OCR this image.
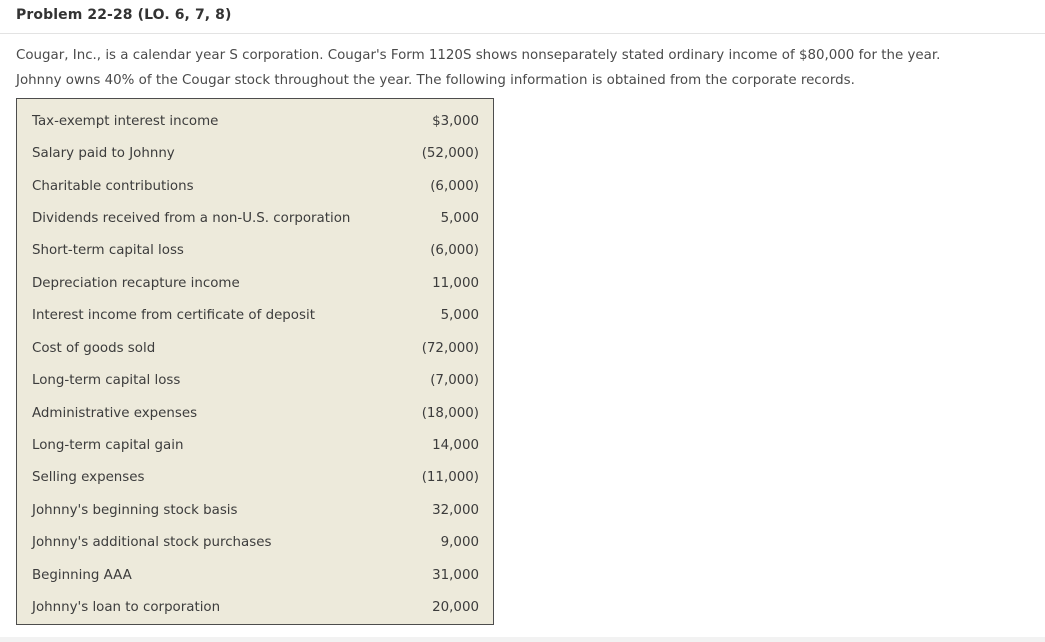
Problem 22-28 (LO. 6, 7, 8)

Cougar, Inc., is a calendar year S corporation. Cougar's Form 1120S shows nonseparately stated ordinary income of $80,000 for the year.

Johnny owns 40% of the Cougar stock throughout the year. The following information is obtained from the corporate records.

Tax-exempt interest income	$3,000
Salary paid to Johnny	(52,000)
Charitable contributions	(6,000)
Dividends received from a non-U.S. corporation	5,000
Short-term capital loss	(6,000)
Depreciation recapture income	11,000
Interest income from certificate of deposit	5,000
Cost of goods sold	(72,000)
Long-term capital loss	(7,000)
Administrative expenses	(18,000)
Long-term capital gain	14,000
Selling expenses	(11,000)
Johnny's beginning stock basis	32,000
Johnny's additional stock purchases	9,000
Beginning AAA	31,000
Johnny's loan to corporation	20,000
